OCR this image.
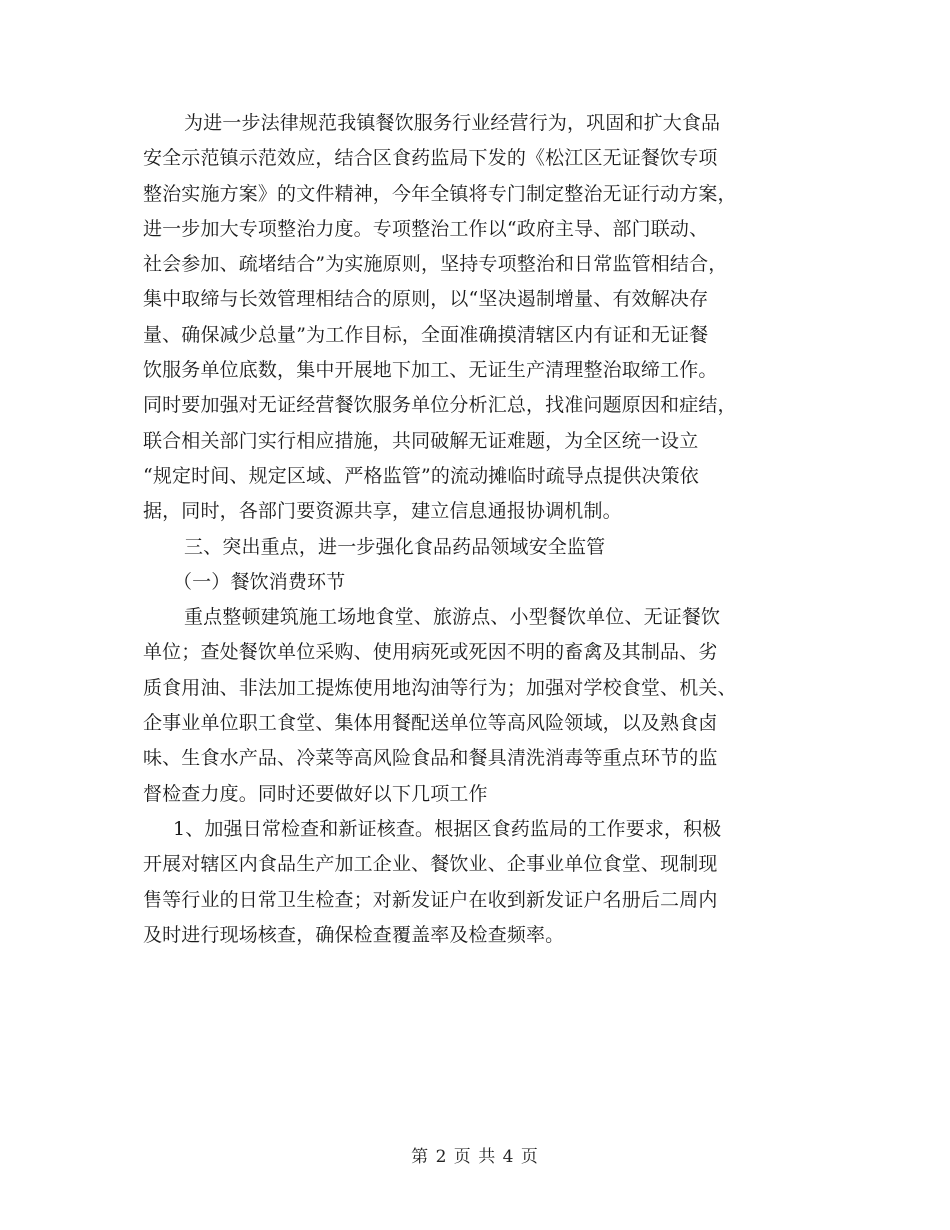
为进一步法律规范我镇餐饮服务行业经营行为，巩固和扩大食品
安全示范镇示范效应，结合区食药监局下发的《松江区无证餐饮专项
整治实施方案》的文件精神，今年全镇将专门制定整治无证行动方案，
进一步加大专项整治力度。专项整治工作以“政府主导、部门联动、
社会参加、疏堵结合”为实施原则，坚持专项整治和日常监管相结合，
集中取缔与长效管理相结合的原则，以“坚决遏制增量、有效解决存
量、确保减少总量”为工作目标，全面准确摸清辖区内有证和无证餐
饮服务单位底数，集中开展地下加工、无证生产清理整治取缔工作。
同时要加强对无证经营餐饮服务单位分析汇总，找准问题原因和症结，
联合相关部门实行相应措施，共同破解无证难题，为全区统一设立
“规定时间、规定区域、严格监管”的流动摊临时疏导点提供决策依
据，同时，各部门要资源共享，建立信息通报协调机制。
三、突出重点，进一步强化食品药品领域安全监管
（一）餐饮消费环节
重点整顿建筑施工场地食堂、旅游点、小型餐饮单位、无证餐饮
单位；查处餐饮单位采购、使用病死或死因不明的畜禽及其制品、劣
质食用油、非法加工提炼使用地沟油等行为；加强对学校食堂、机关、
企事业单位职工食堂、集体用餐配送单位等高风险领域，以及熟食卤
味、生食水产品、冷菜等高风险食品和餐具清洗消毒等重点环节的监
督检查力度。同时还要做好以下几项工作
1、加强日常检查和新证核查。根据区食药监局的工作要求，积极
开展对辖区内食品生产加工企业、餐饮业、企事业单位食堂、现制现
售等行业的日常卫生检查；对新发证户在收到新发证户名册后二周内
及时进行现场核查，确保检查覆盖率及检查频率。
第 2 页 共 4 页
